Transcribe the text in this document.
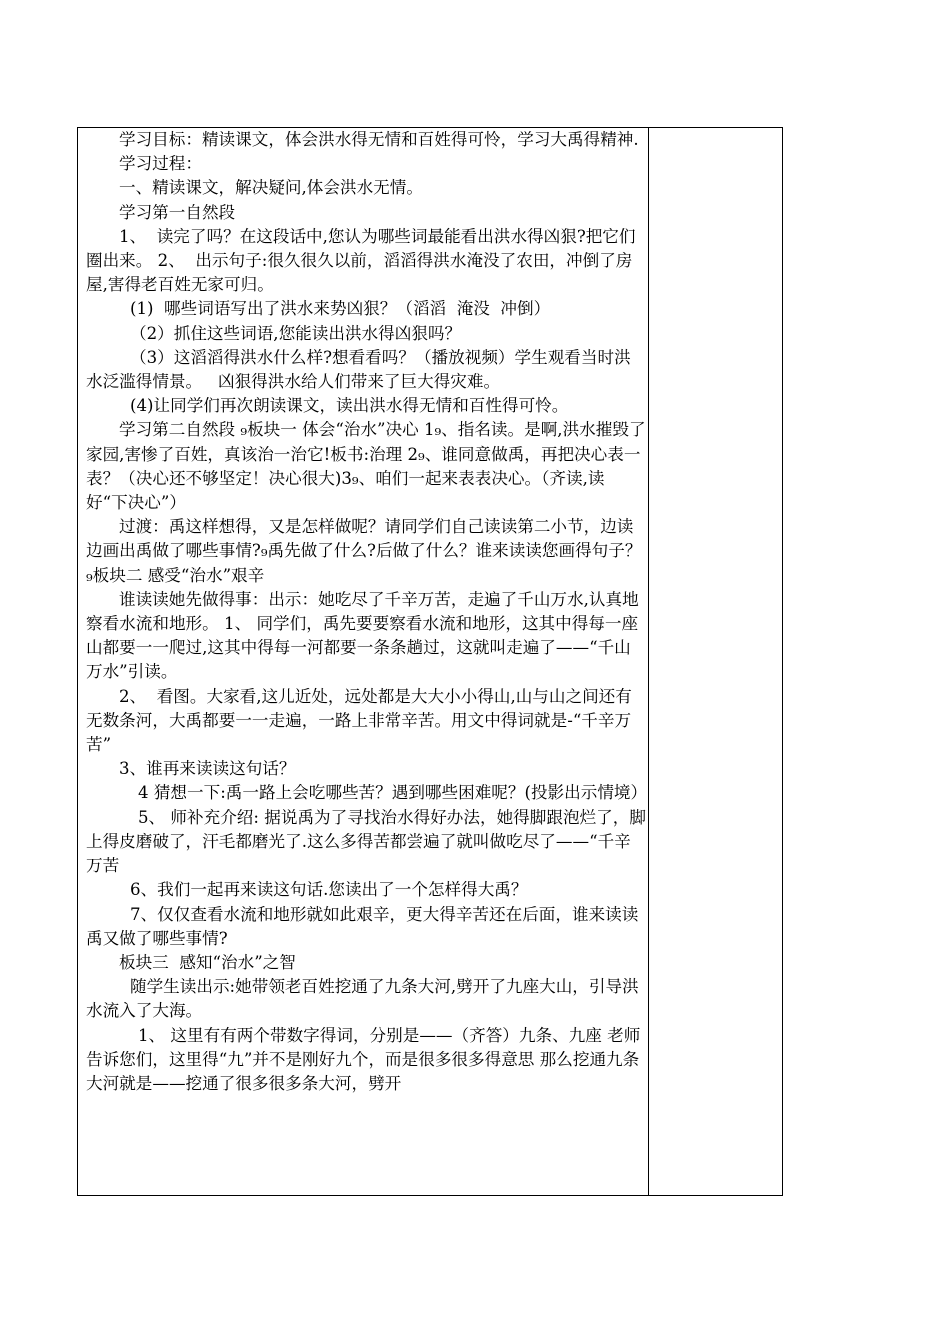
学习目标：精读课文，体会洪水得无情和百姓得可怜，学习大禹得精神.

学习过程：

一、精读课文，解决疑问,体会洪水无情。

学习第一自然段

1、  读完了吗？在这段话中,您认为哪些词最能看出洪水得凶狠?把它们圈出来。 2、  出示句子:很久很久以前，滔滔得洪水淹没了农田，冲倒了房屋,害得老百姓无家可归。

(1)  哪些词语写出了洪水来势凶狠？（滔滔  淹没  冲倒）

（2）抓住这些词语,您能读出洪水得凶狠吗？

（3）这滔滔得洪水什么样?想看看吗？（播放视频）学生观看当时洪水泛滥得情景。   凶狠得洪水给人们带来了巨大得灾难。

(4)让同学们再次朗读课文，读出洪水得无情和百性得可怜。

学习第二自然段 ₉板块一 体会“治水”决心 1₉、指名读。是啊,洪水摧毁了家园,害惨了百姓，真该治一治它!板书:治理 2₉、谁同意做禹，再把决心表一表？（决心还不够坚定！决心很大)3₉、咱们一起来表表决心。（齐读,读好“下决心”）

过渡：禹这样想得，又是怎样做呢？请同学们自己读读第二小节，边读边画出禹做了哪些事情?₉禹先做了什么?后做了什么？谁来读读您画得句子？₉板块二 感受“治水”艰辛

谁读读她先做得事：出示：她吃尽了千辛万苦，走遍了千山万水,认真地察看水流和地形。 1、 同学们，禹先要要察看水流和地形，这其中得每一座山都要一一爬过,这其中得每一河都要一条条趟过，这就叫走遍了——“千山万水”引读。

2、  看图。大家看,这儿近处，远处都是大大小小得山,山与山之间还有无数条河，大禹都要一一走遍，一路上非常辛苦。用文中得词就是-“千辛万苦”

3、谁再来读读这句话？

4 猜想一下:禹一路上会吃哪些苦？遇到哪些困难呢？(投影出示情境）

5、 师补充介绍: 据说禹为了寻找治水得好办法，她得脚跟泡烂了，脚上得皮磨破了，汗毛都磨光了.这么多得苦都尝遍了就叫做吃尽了——“千辛万苦

6、我们一起再来读这句话.您读出了一个怎样得大禹？

7、仅仅查看水流和地形就如此艰辛，更大得辛苦还在后面，谁来读读禹又做了哪些事情?

板块三  感知“治水”之智

随学生读出示:她带领老百姓挖通了九条大河,劈开了九座大山，引导洪水流入了大海。

1、 这里有有两个带数字得词，分别是——（齐答）九条、九座 老师告诉您们，这里得“九”并不是刚好九个，而是很多很多得意思 那么挖通九条大河就是——挖通了很多很多条大河，劈开
